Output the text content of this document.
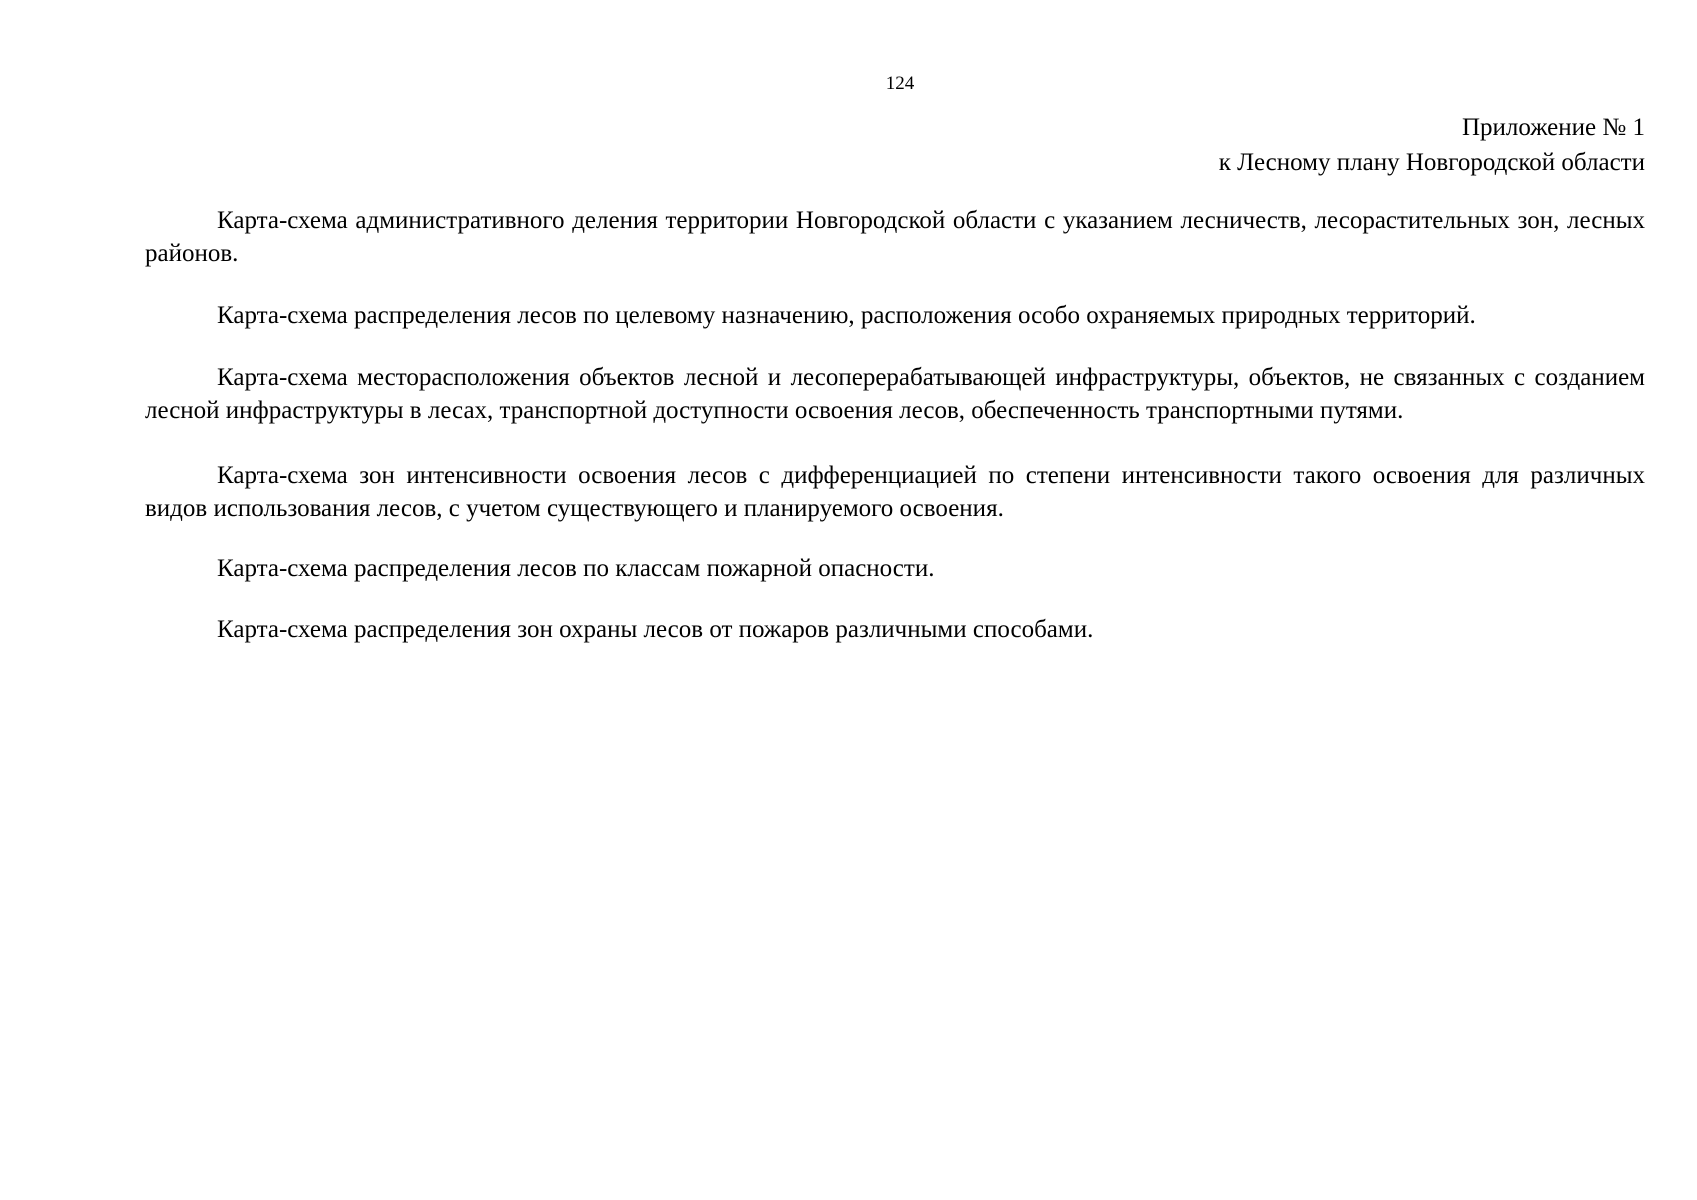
124
Приложение № 1
к Лесному плану Новгородской области

Карта-схема административного деления территории Новгородской области с указанием лесничеств, лесорастительных зон, лесных районов.

Карта-схема распределения лесов по целевому назначению, расположения особо охраняемых природных территорий.

Карта-схема месторасположения объектов лесной и лесоперерабатывающей инфраструктуры, объектов, не связанных с созданием лесной инфраструктуры в лесах, транспортной доступности освоения лесов, обеспеченность транспортными путями.

Карта-схема зон интенсивности освоения лесов с дифференциацией по степени интенсивности такого освоения для различных видов использования лесов, с учетом существующего и планируемого освоения.

Карта-схема распределения лесов по классам пожарной опасности.

Карта-схема распределения зон охраны лесов от пожаров различными способами.
